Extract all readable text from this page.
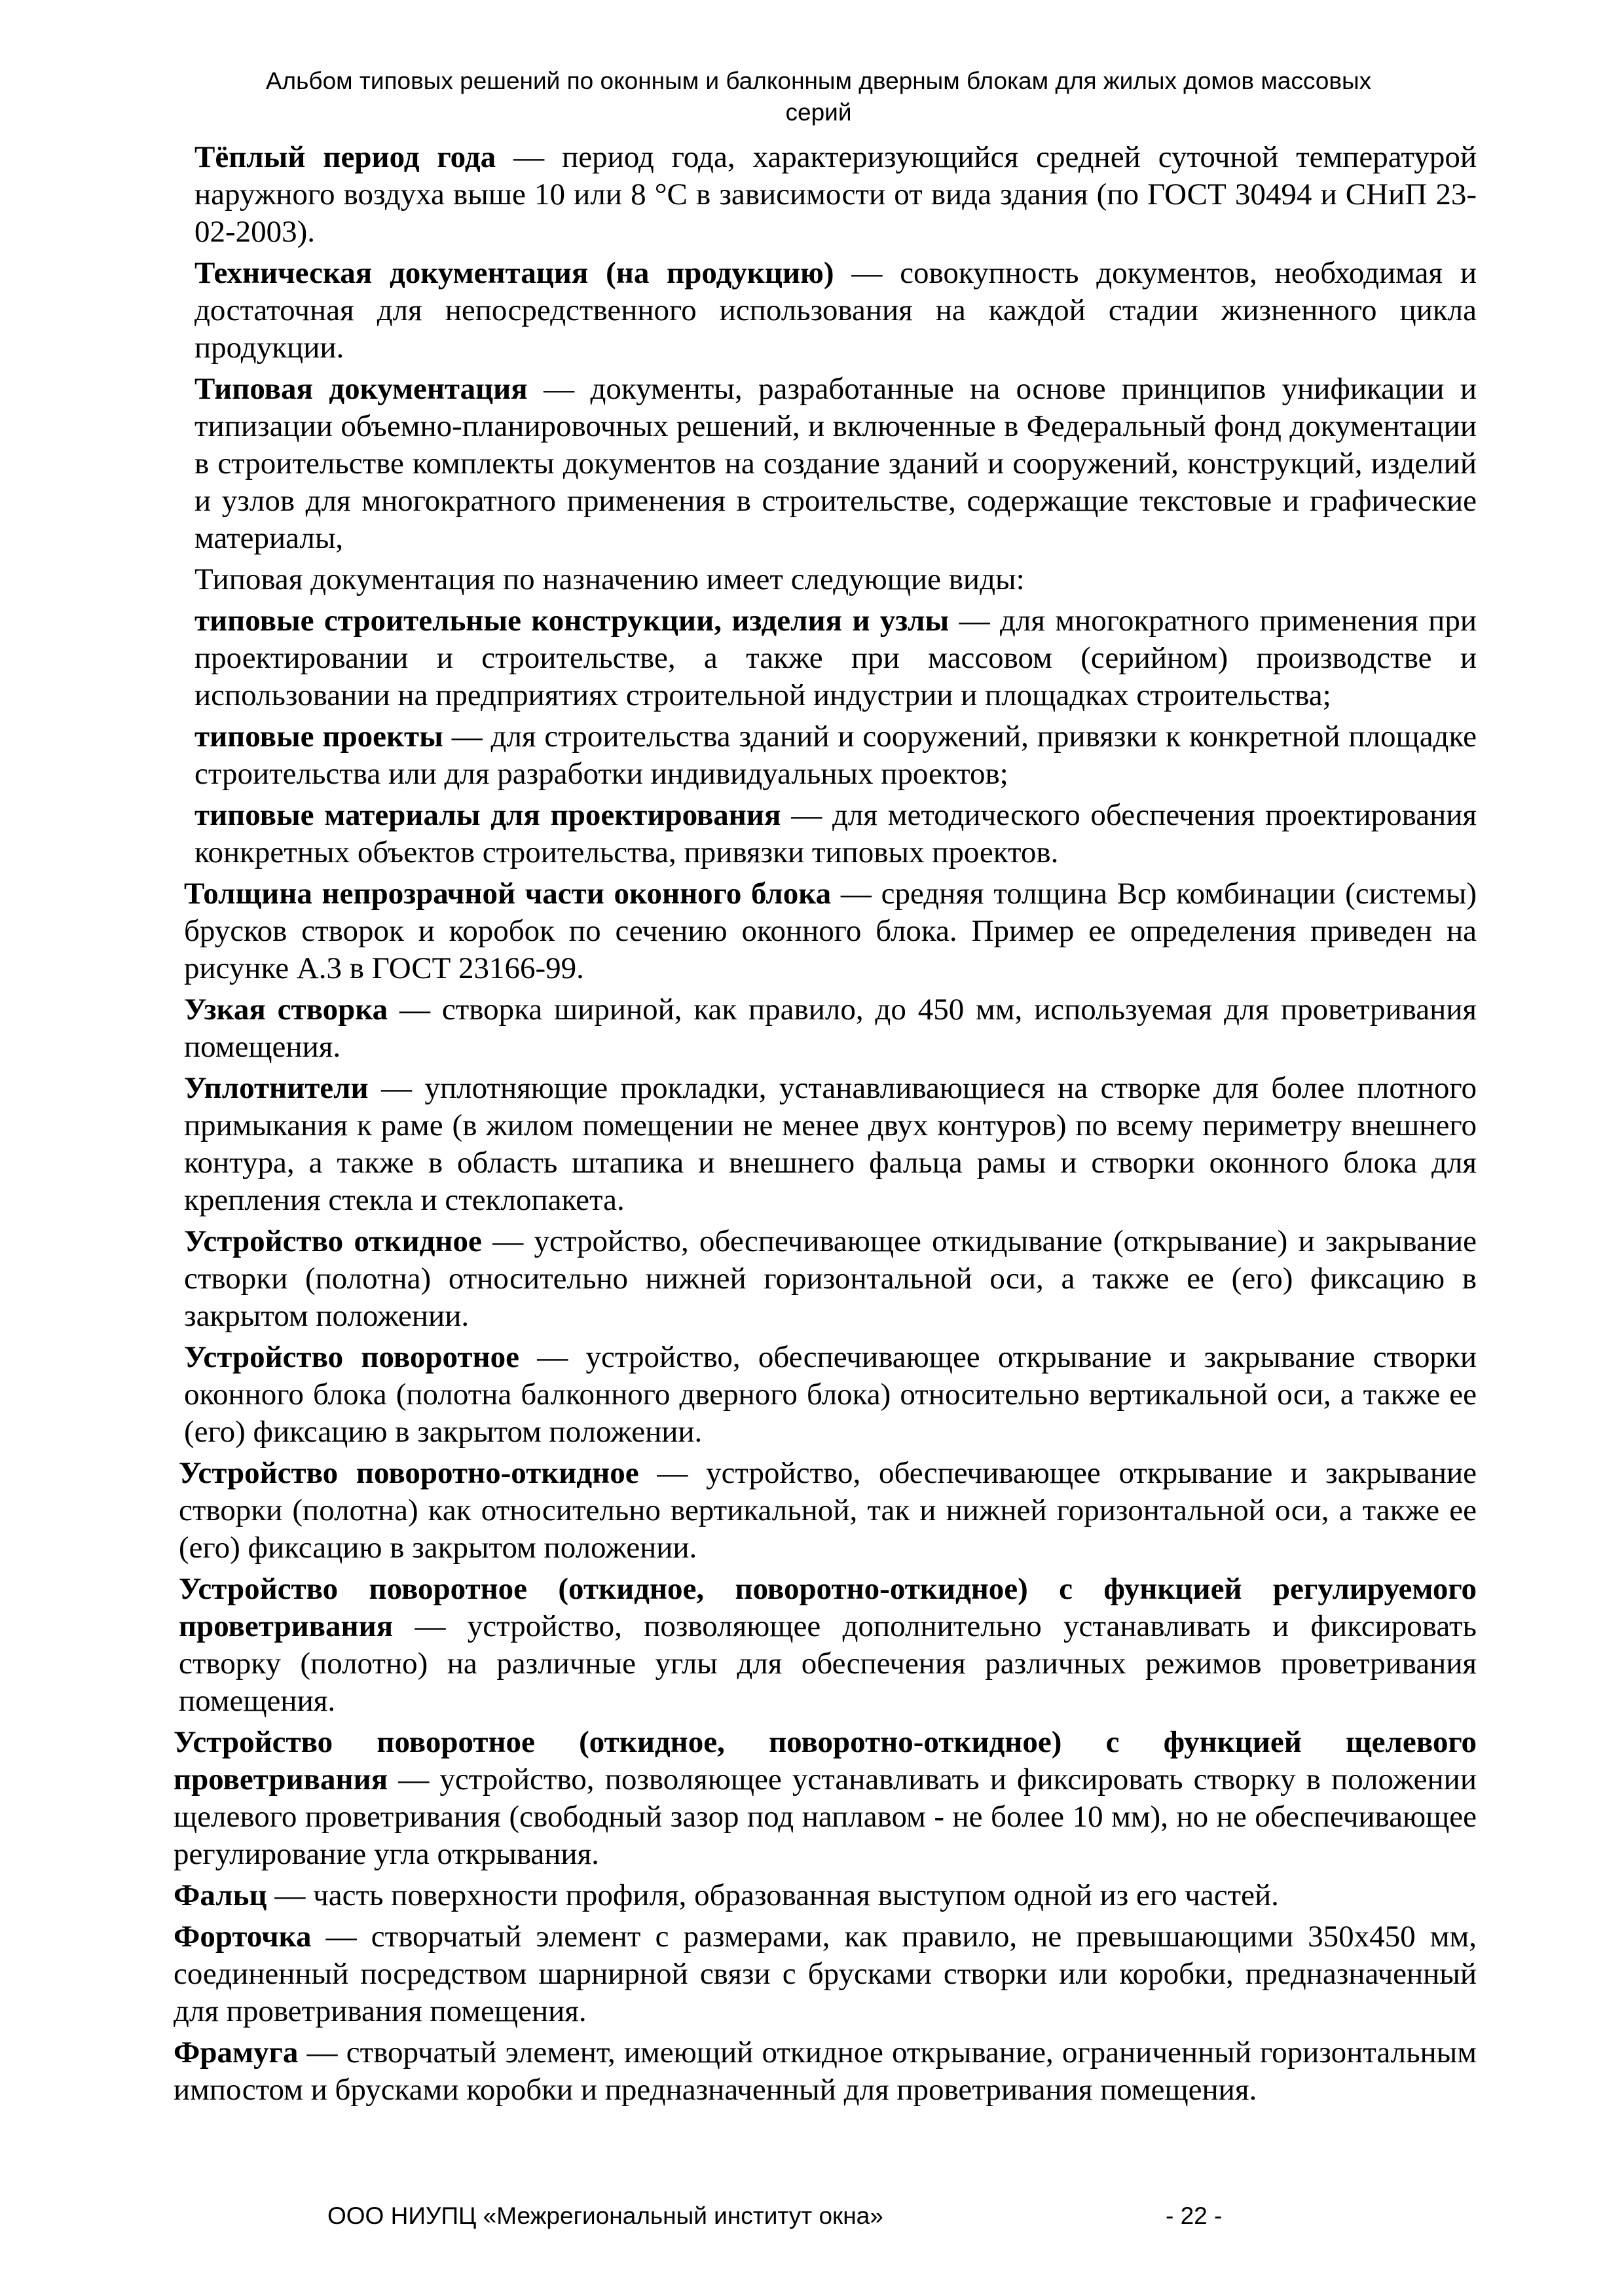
Альбом типовых решений по оконным и балконным дверным блокам для жилых домов массовых
серий

Тёплый период года — период года, характеризующийся средней суточной температурой наружного воздуха выше 10 или 8 °С в зависимости от вида здания (по ГОСТ 30494 и СНиП 23-02-2003).

Техническая документация (на продукцию) — совокупность документов, необходимая и достаточная для непосредственного использования на каждой стадии жизненного цикла продукции.

Типовая документация — документы, разработанные на основе принципов унификации и типизации объемно-планировочных решений, и включенные в Федеральный фонд документации в строительстве комплекты документов на создание зданий и сооружений, конструкций, изделий и узлов для многократного применения в строительстве, содержащие текстовые и графические материалы,

Типовая документация по назначению имеет следующие виды:

типовые строительные конструкции, изделия и узлы — для многократного применения при проектировании и строительстве, а также при массовом (серийном) производстве и использовании на предприятиях строительной индустрии и площадках строительства;

типовые проекты — для строительства зданий и сооружений, привязки к конкретной площадке строительства или для разработки индивидуальных проектов;

типовые материалы для проектирования — для методического обеспечения проектирования конкретных объектов строительства, привязки типовых проектов.

Толщина непрозрачной части оконного блока — средняя толщина Вср комбинации (системы) брусков створок и коробок по сечению оконного блока. Пример ее определения приведен на рисунке А.3 в ГОСТ 23166-99.

Узкая створка — створка шириной, как правило, до 450 мм, используемая для проветривания помещения.

Уплотнители — уплотняющие прокладки, устанавливающиеся на створке для более плотного примыкания к раме (в жилом помещении не менее двух контуров) по всему периметру внешнего контура, а также в область штапика и внешнего фальца рамы и створки оконного блока для крепления стекла и стеклопакета.

Устройство откидное — устройство, обеспечивающее откидывание (открывание) и закрывание створки (полотна) относительно нижней горизонтальной оси, а также ее (его) фиксацию в закрытом положении.

Устройство поворотное — устройство, обеспечивающее открывание и закрывание створки оконного блока (полотна балконного дверного блока) относительно вертикальной оси, а также ее (его) фиксацию в закрытом положении.

Устройство поворотно-откидное — устройство, обеспечивающее открывание и закрывание створки (полотна) как относительно вертикальной, так и нижней горизонтальной оси, а также ее (его) фиксацию в закрытом положении.

Устройство поворотное (откидное, поворотно-откидное) с функцией регулируемого проветривания — устройство, позволяющее дополнительно устанавливать и фиксировать створку (полотно) на различные углы для обеспечения различных режимов проветривания помещения.

Устройство поворотное (откидное, поворотно-откидное) с функцией щелевого проветривания — устройство, позволяющее устанавливать и фиксировать створку в положении щелевого проветривания (свободный зазор под наплавом - не более 10 мм), но не обеспечивающее регулирование угла открывания.

Фальц — часть поверхности профиля, образованная выступом одной из его частей.

Форточка — створчатый элемент с размерами, как правило, не превышающими 350х450 мм, соединенный посредством шарнирной связи с брусками створки или коробки, предназначенный для проветривания помещения.

Фрамуга — створчатый элемент, имеющий откидное открывание, ограниченный горизонтальным импостом и брусками коробки и предназначенный для проветривания помещения.

ООО НИУПЦ «Межрегиональный институт окна»	- 22 -
